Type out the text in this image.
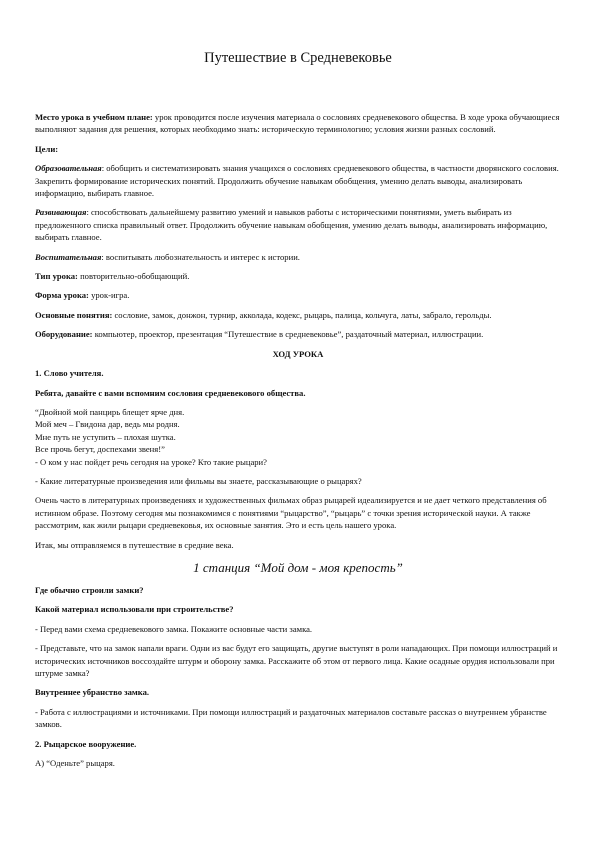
Путешествие в Средневековье

Место урока в учебном плане: урок проводится после изучения материала о сословиях средневекового общества. В ходе урока обучающиеся выполняют задания для решения, которых необходимо знать: историческую терминологию; условия жизни разных сословий.

Цели:

Образовательная: обобщить и систематизировать знания учащихся о сословиях средневекового общества, в частности дворянского сословия. Закрепить формирование исторических понятий. Продолжить обучение навыкам обобщения, умению делать выводы, анализировать информацию, выбирать главное.

Развивающая: способствовать дальнейшему развитию умений и навыков работы с историческими понятиями, уметь выбирать из предложенного списка правильный ответ. Продолжить обучение навыкам обобщения, умению делать выводы, анализировать информацию, выбирать главное.

Воспитательная: воспитывать любознательность и интерес к истории.

Тип урока: повторительно-обобщающий.

Форма урока: урок-игра.

Основные понятия: сословие, замок, донжон, турнир, акколада, кодекс, рыцарь, палица, кольчуга, латы, забрало, герольды.

Оборудование: компьютер, проектор, презентация “Путешествие в средневековье”, раздаточный материал, иллюстрации.

ХОД УРОКА

1. Слово учителя.

Ребята, давайте с вами вспомним сословия средневекового общества.

“Двойной мой панцирь блещет ярче дня.

Мой меч – Гвидона дар, ведь мы родня.

Мне путь не уступить – плохая шутка.

Все прочь бегут, доспехами звеня!”

- О ком у нас пойдет речь сегодня на уроке? Кто такие рыцари?

- Какие литературные произведения или фильмы вы знаете, рассказывающие о рыцарях?

Очень часто в литературных произведениях и художественных фильмах образ рыцарей идеализируется и не дает четкого представления об истинном образе. Поэтому сегодня мы познакомимся с понятиями “рыцарство”, “рыцарь” с точки зрения исторической науки. А также рассмотрим, как жили рыцари средневековья, их основные занятия. Это и есть цель нашего урока.

Итак, мы отправляемся в путешествие в средние века.

1 станция “Мой дом - моя крепость”

Где обычно строили замки?

Какой материал использовали при строительстве?

- Перед вами схема средневекового замка. Покажите основные части замка.

- Представьте, что на замок напали враги. Одни из вас будут его защищать, другие выступят в роли нападающих. При помощи иллюстраций и исторических источников воссоздайте штурм и оборону замка. Расскажите об этом от первого лица. Какие осадные орудия использовали при штурме замка?

Внутреннее убранство замка.

- Работа с иллюстрациями и источниками. При помощи иллюстраций и раздаточных материалов составьте рассказ о внутреннем убранстве замков.

2. Рыцарское вооружение.

А) “Оденьте” рыцаря.
